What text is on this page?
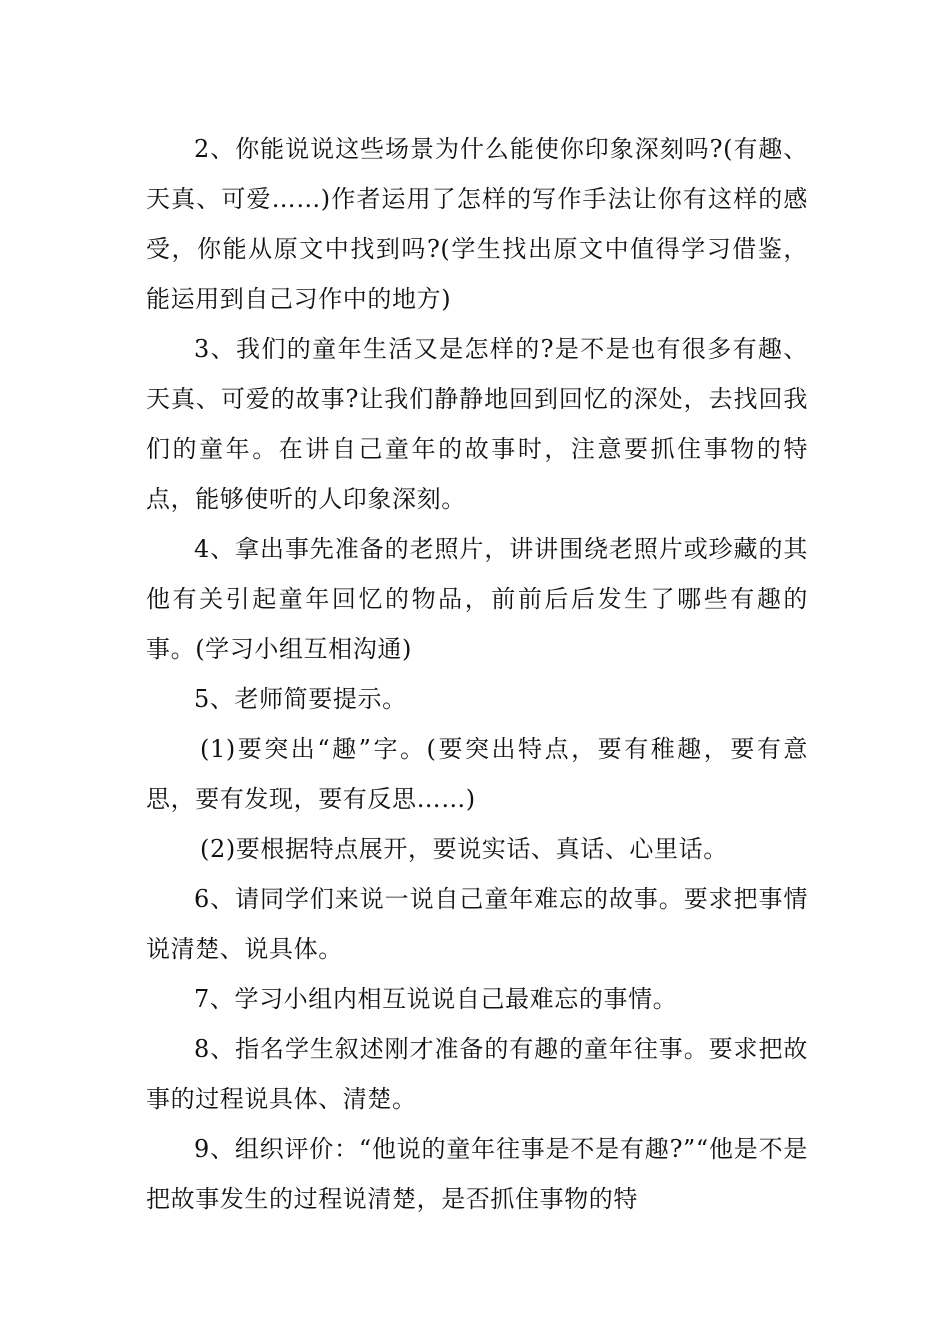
2、你能说说这些场景为什么能使你印象深刻吗?(有趣、天真、可爱……)作者运用了怎样的写作手法让你有这样的感受，你能从原文中找到吗?(学生找出原文中值得学习借鉴，能运用到自己习作中的地方)

3、我们的童年生活又是怎样的?是不是也有很多有趣、天真、可爱的故事?让我们静静地回到回忆的深处，去找回我们的童年。在讲自己童年的故事时，注意要抓住事物的特点，能够使听的人印象深刻。

4、拿出事先准备的老照片，讲讲围绕老照片或珍藏的其他有关引起童年回忆的物品，前前后后发生了哪些有趣的事。(学习小组互相沟通)

5、老师简要提示。

(1)要突出“趣”字。(要突出特点，要有稚趣，要有意思，要有发现，要有反思……)

(2)要根据特点展开，要说实话、真话、心里话。

6、请同学们来说一说自己童年难忘的故事。要求把事情说清楚、说具体。

7、学习小组内相互说说自己最难忘的事情。

8、指名学生叙述刚才准备的有趣的童年往事。要求把故事的过程说具体、清楚。

9、组织评价：“他说的童年往事是不是有趣?”“他是不是把故事发生的过程说清楚，是否抓住事物的特
